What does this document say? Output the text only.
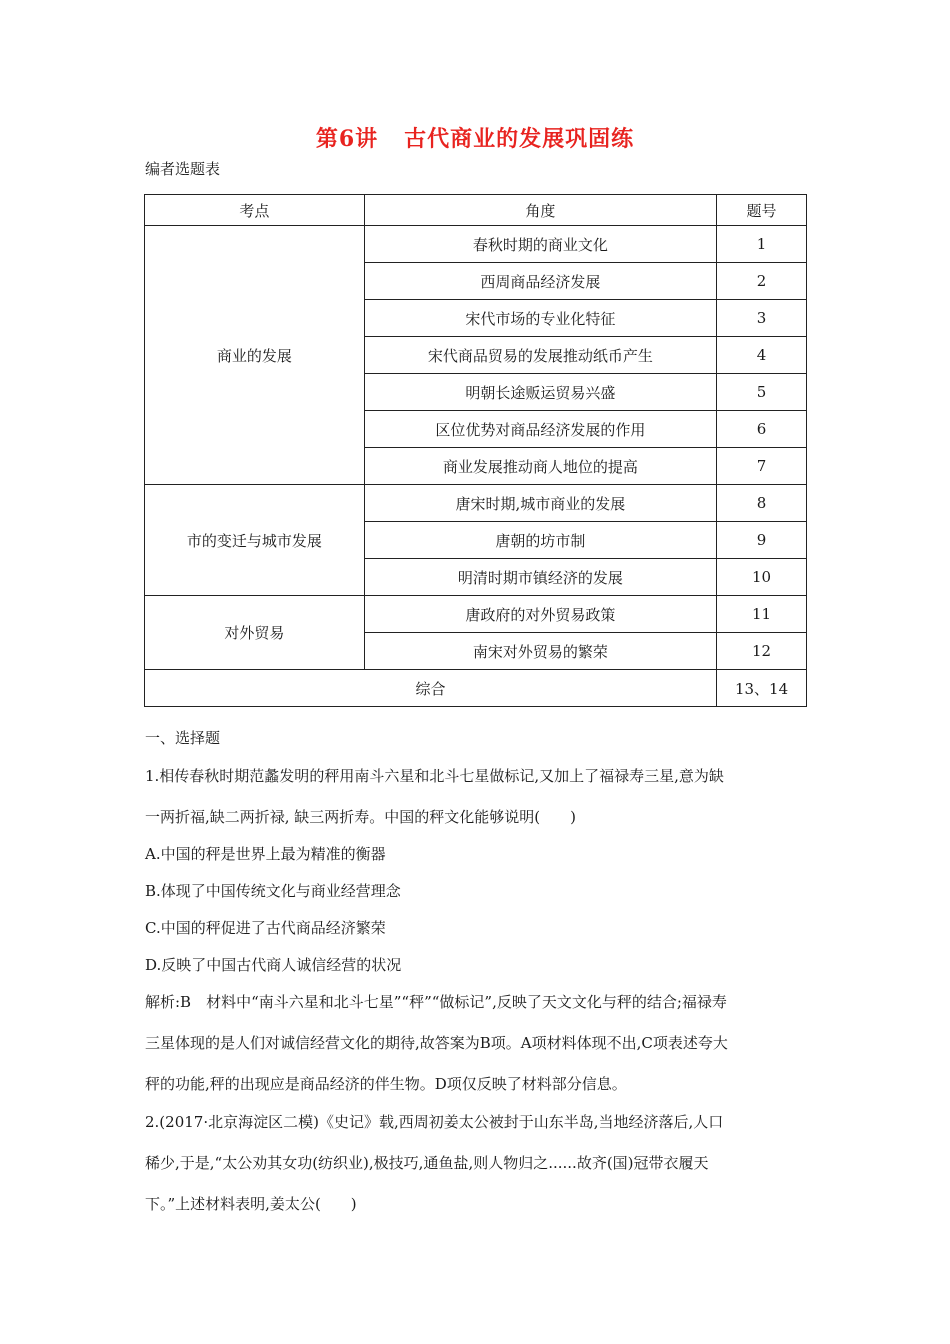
第6讲 古代商业的发展巩固练
编者选题表
考点	角度	题号
商业的发展	春秋时期的商业文化	1
	西周商品经济发展	2
	宋代市场的专业化特征	3
	宋代商品贸易的发展推动纸币产生	4
	明朝长途贩运贸易兴盛	5
	区位优势对商品经济发展的作用	6
	商业发展推动商人地位的提高	7
市的变迁与城市发展	唐宋时期,城市商业的发展	8
	唐朝的坊市制	9
	明清时期市镇经济的发展	10
对外贸易	唐政府的对外贸易政策	11
	南宋对外贸易的繁荣	12
综合		13、14
一、选择题
1.相传春秋时期范蠡发明的秤用南斗六星和北斗七星做标记,又加上了福禄寿三星,意为缺
一两折福,缺二两折禄, 缺三两折寿。中国的秤文化能够说明(　　)
A.中国的秤是世界上最为精准的衡器
B.体现了中国传统文化与商业经营理念
C.中国的秤促进了古代商品经济繁荣
D.反映了中国古代商人诚信经营的状况
解析:B　材料中“南斗六星和北斗七星”“秤”“做标记”,反映了天文文化与秤的结合;福禄寿
三星体现的是人们对诚信经营文化的期待,故答案为B项。A项材料体现不出,C项表述夸大
秤的功能,秤的出现应是商品经济的伴生物。D项仅反映了材料部分信息。
2.(2017·北京海淀区二模)《史记》载,西周初姜太公被封于山东半岛,当地经济落后,人口
稀少,于是,“太公劝其女功(纺织业),极技巧,通鱼盐,则人物归之......故齐(国)冠带衣履天
下。”上述材料表明,姜太公(　　)
